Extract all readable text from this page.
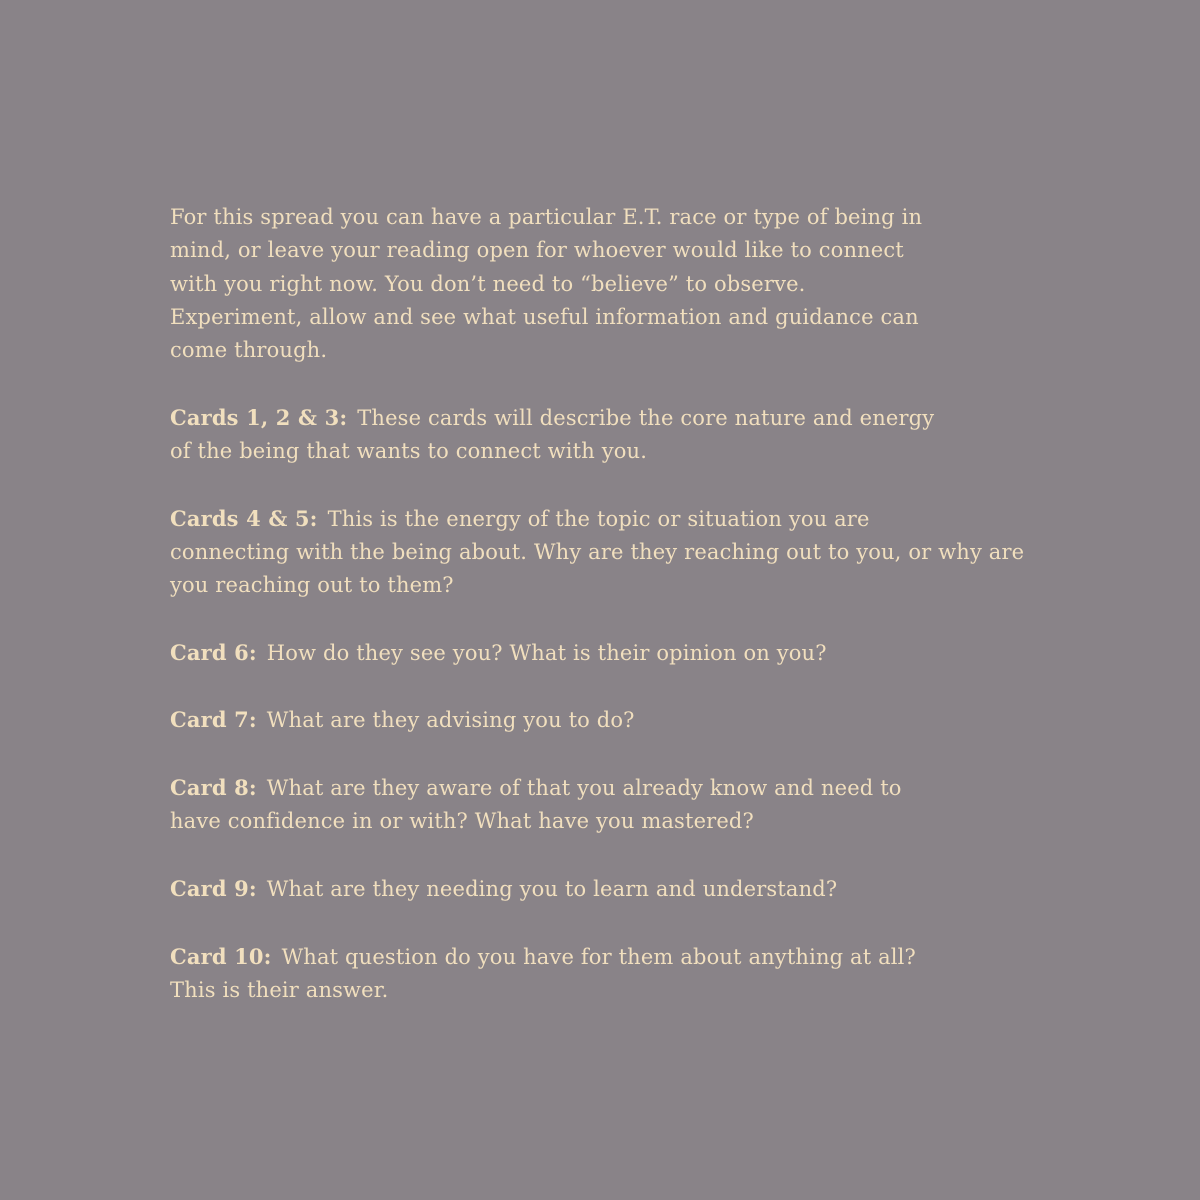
For this spread you can have a particular E.T. race or type of being in
mind, or leave your reading open for whoever would like to connect
with you right now. You don’t need to “believe” to observe.
Experiment, allow and see what useful information and guidance can
come through.

Cards 1, 2 & 3: These cards will describe the core nature and energy
of the being that wants to connect with you.

Cards 4 & 5: This is the energy of the topic or situation you are
connecting with the being about. Why are they reaching out to you, or why are you reaching out to them?

Card 6: How do they see you? What is their opinion on you?

Card 7: What are they advising you to do?

Card 8: What are they aware of that you already know and need to
have confidence in or with? What have you mastered?

Card 9: What are they needing you to learn and understand?

Card 10: What question do you have for them about anything at all?
This is their answer.
